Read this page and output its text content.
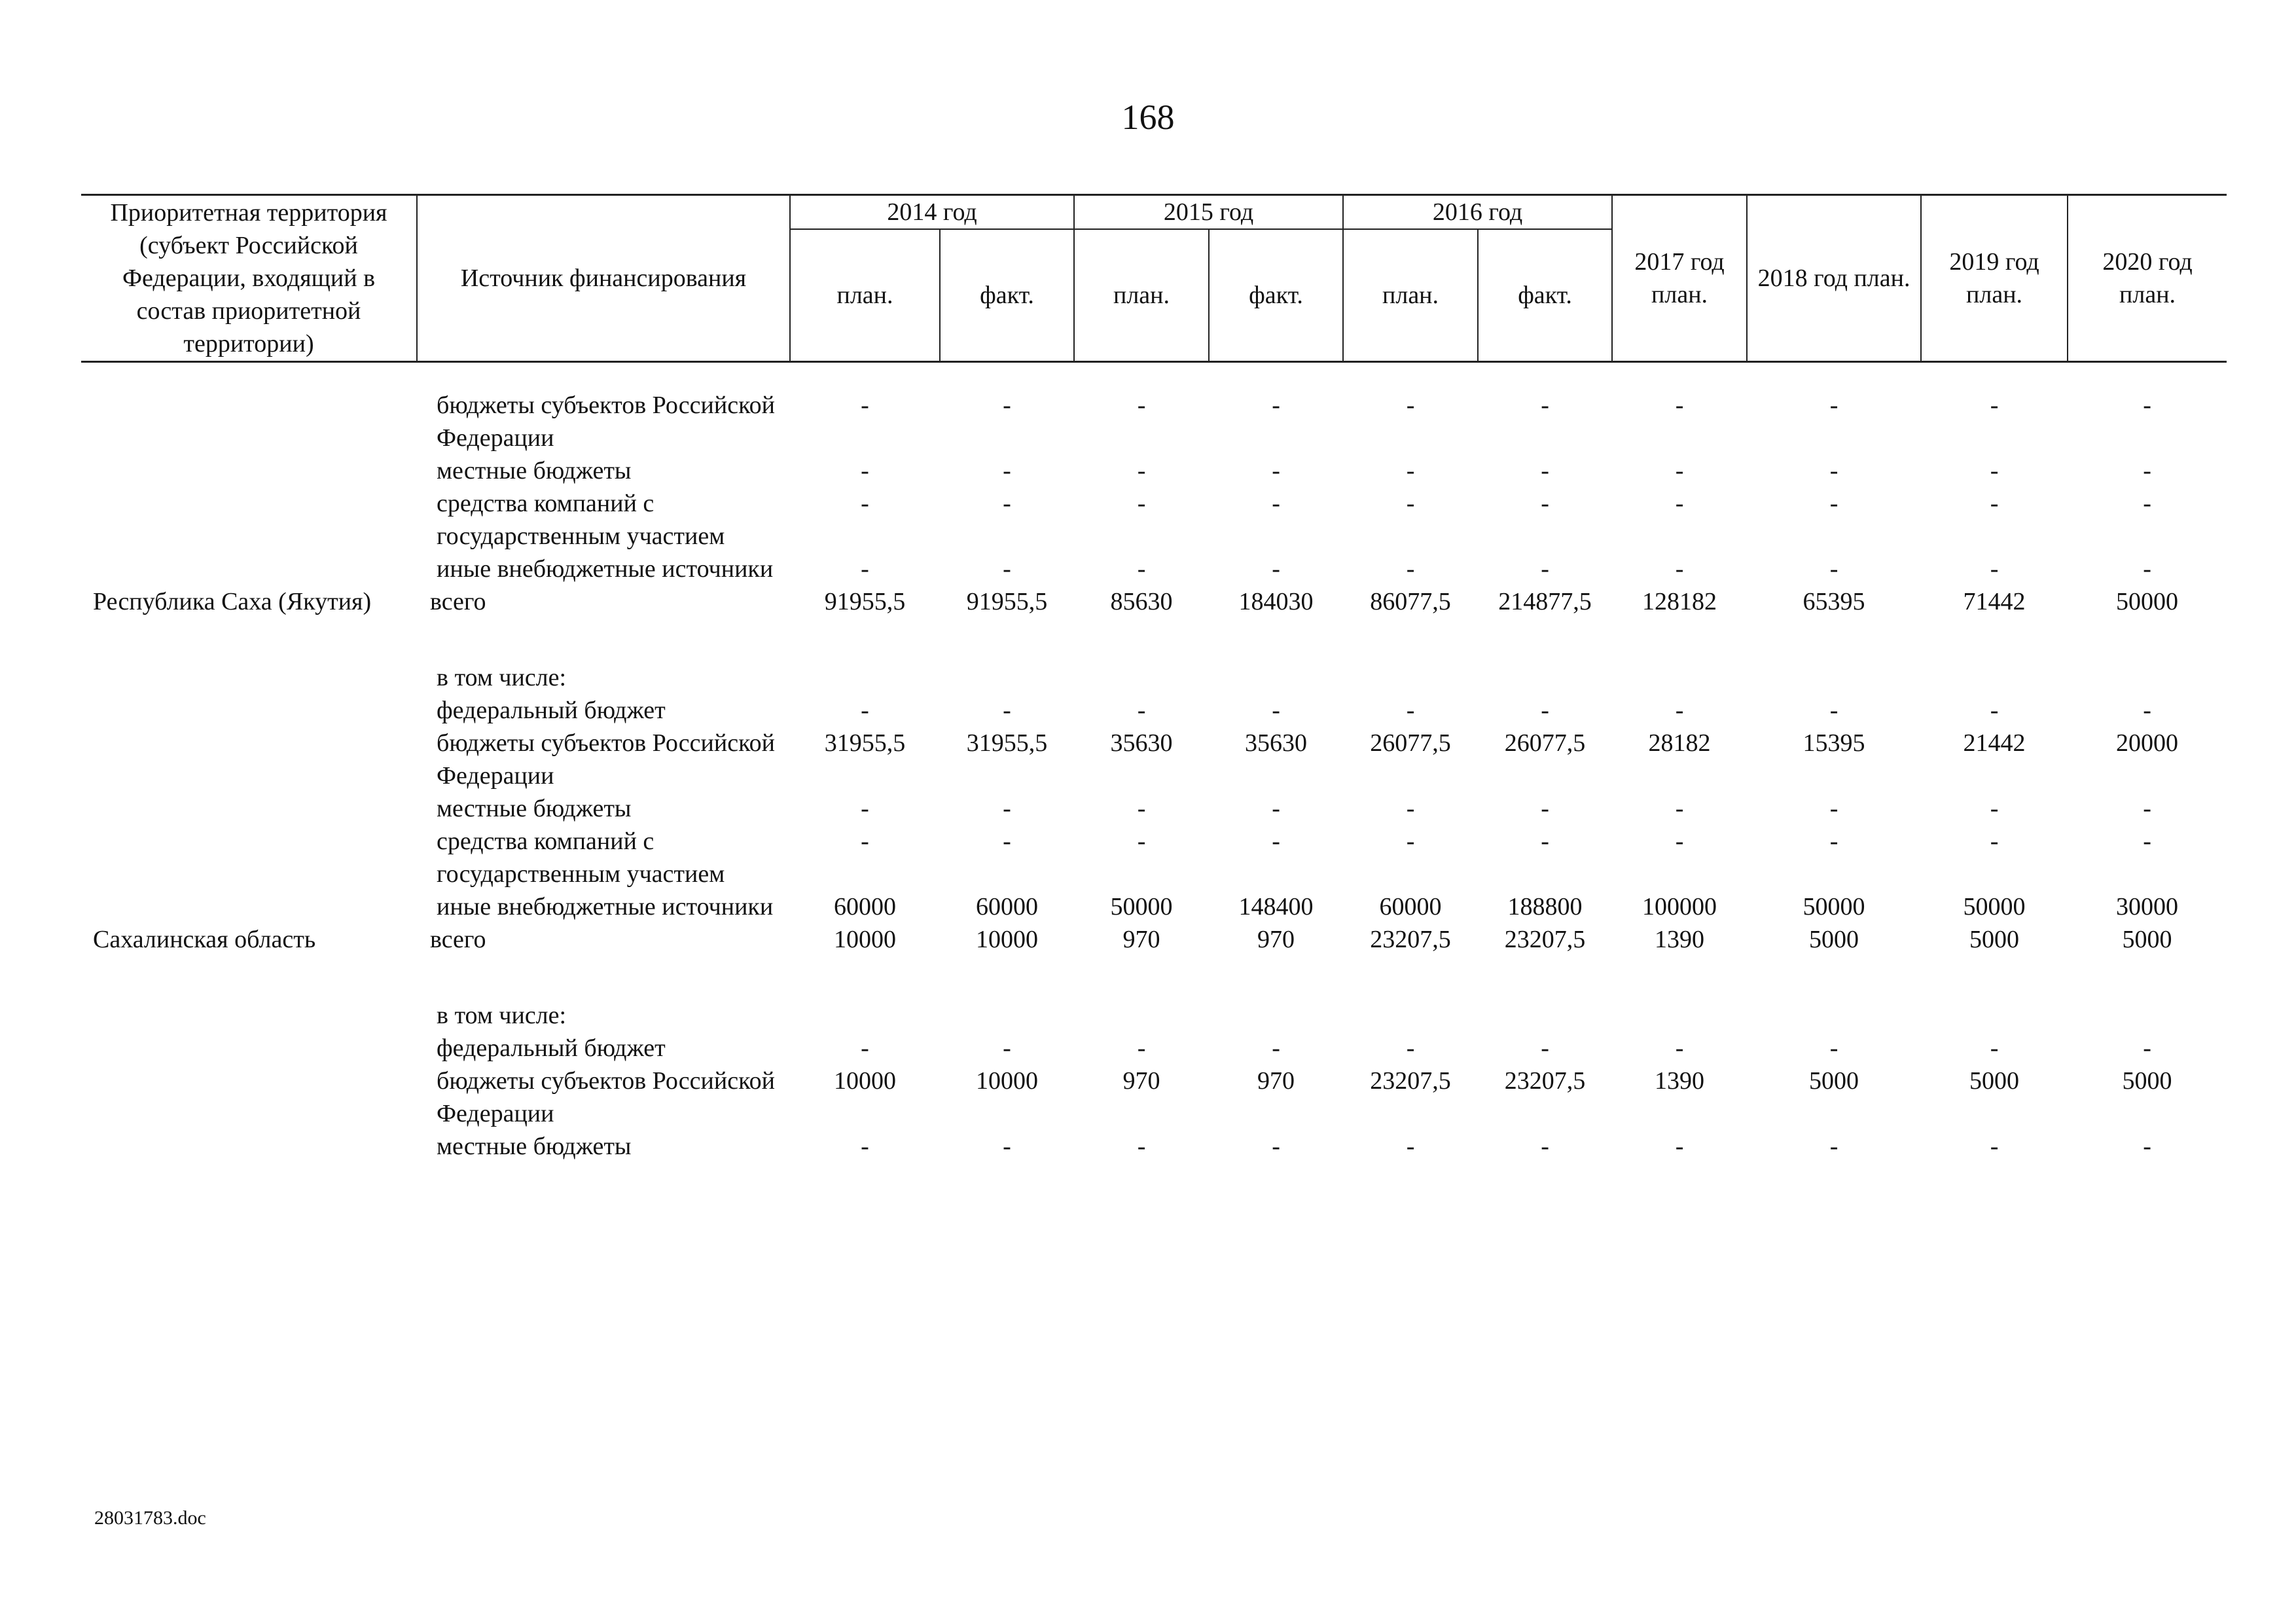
168
Приоритетная территория (субъект Российской Федерации, входящий в состав приоритетной территории)	Источник финансирования	2014 год		2015 год		2016 год		2017 год план.	2018 год план.	2019 год план.	2020 год план.
		план.	факт.	план.	факт.	план.	факт.				

	бюджеты субъектов Российской Федерации	-	-	-	-	-	-	-	-	-	-
	местные бюджеты	-	-	-	-	-	-	-	-	-	-
	средства компаний с государственным участием	-	-	-	-	-	-	-	-	-	-
	иные внебюджетные источники	-	-	-	-	-	-	-	-	-	-
Республика Саха (Якутия)	всего	91955,5	91955,5	85630	184030	86077,5	214877,5	128182	65395	71442	50000
	в том числе:										
	федеральный бюджет	-	-	-	-	-	-	-	-	-	-
	бюджеты субъектов Российской Федерации	31955,5	31955,5	35630	35630	26077,5	26077,5	28182	15395	21442	20000
	местные бюджеты	-	-	-	-	-	-	-	-	-	-
	средства компаний с государственным участием	-	-	-	-	-	-	-	-	-	-
	иные внебюджетные источники	60000	60000	50000	148400	60000	188800	100000	50000	50000	30000
Сахалинская область	всего	10000	10000	970	970	23207,5	23207,5	1390	5000	5000	5000
	в том числе:										
	федеральный бюджет	-	-	-	-	-	-	-	-	-	-
	бюджеты субъектов Российской Федерации	10000	10000	970	970	23207,5	23207,5	1390	5000	5000	5000
	местные бюджеты	-	-	-	-	-	-	-	-	-	-
28031783.doc
